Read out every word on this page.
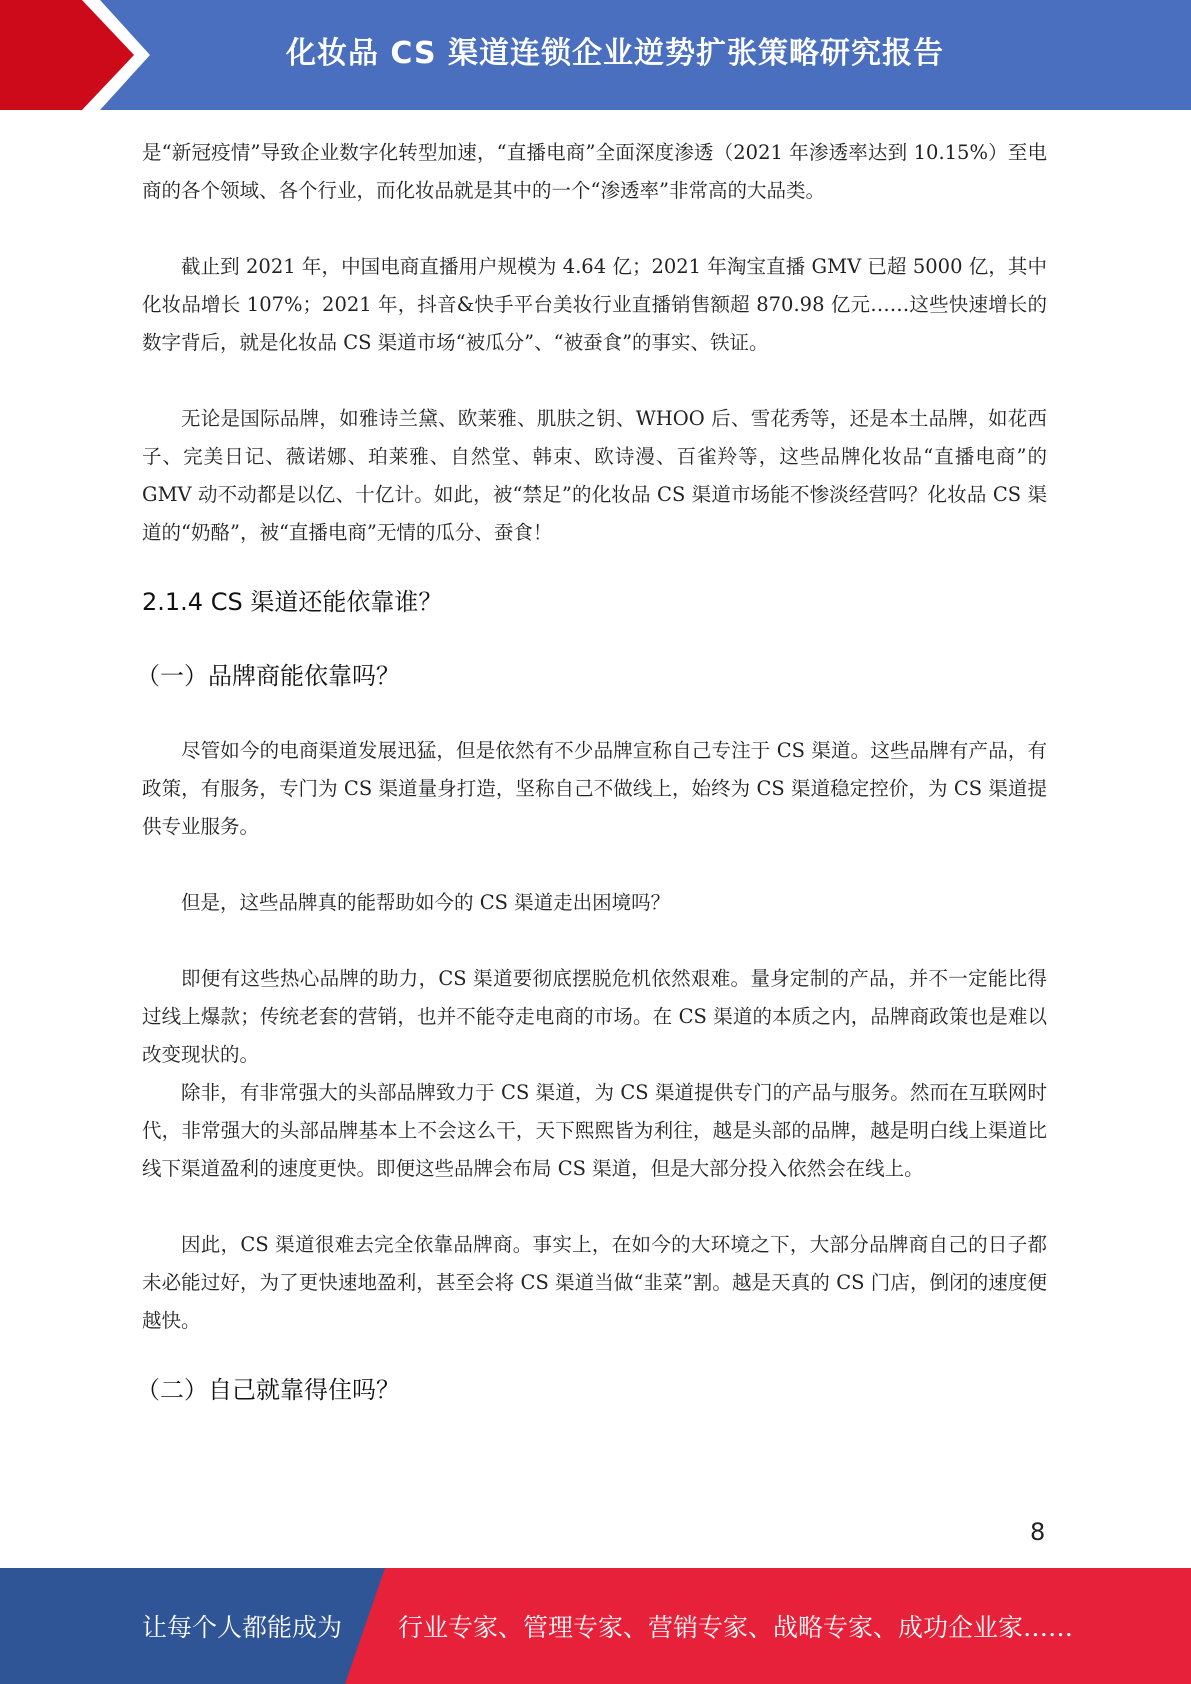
化妆品 CS 渠道连锁企业逆势扩张策略研究报告

是“新冠疫情”导致企业数字化转型加速，“直播电商”全面深度渗透（2021 年渗透率达到 10.15%）至电商的各个领域、各个行业，而化妆品就是其中的一个“渗透率”非常高的大品类。

截止到 2021 年，中国电商直播用户规模为 4.64 亿；2021 年淘宝直播 GMV 已超 5000 亿，其中化妆品增长 107%；2021 年，抖音&快手平台美妆行业直播销售额超 870.98 亿元……这些快速增长的数字背后，就是化妆品 CS 渠道市场“被瓜分”、“被蚕食”的事实、铁证。

无论是国际品牌，如雅诗兰黛、欧莱雅、肌肤之钥、WHOO 后、雪花秀等，还是本土品牌，如花西子、完美日记、薇诺娜、珀莱雅、自然堂、韩束、欧诗漫、百雀羚等，这些品牌化妆品“直播电商”的 GMV 动不动都是以亿、十亿计。如此，被“禁足”的化妆品 CS 渠道市场能不惨淡经营吗？化妆品 CS 渠道的“奶酪”，被“直播电商”无情的瓜分、蚕食！

2.1.4 CS 渠道还能依靠谁？
（一）品牌商能依靠吗？

尽管如今的电商渠道发展迅猛，但是依然有不少品牌宣称自己专注于 CS 渠道。这些品牌有产品，有政策，有服务，专门为 CS 渠道量身打造，坚称自己不做线上，始终为 CS 渠道稳定控价，为 CS 渠道提供专业服务。

但是，这些品牌真的能帮助如今的 CS 渠道走出困境吗？

即便有这些热心品牌的助力，CS 渠道要彻底摆脱危机依然艰难。量身定制的产品，并不一定能比得过线上爆款；传统老套的营销，也并不能夺走电商的市场。在 CS 渠道的本质之内，品牌商政策也是难以改变现状的。

除非，有非常强大的头部品牌致力于 CS 渠道，为 CS 渠道提供专门的产品与服务。然而在互联网时代，非常强大的头部品牌基本上不会这么干，天下熙熙皆为利往，越是头部的品牌，越是明白线上渠道比线下渠道盈利的速度更快。即便这些品牌会布局 CS 渠道，但是大部分投入依然会在线上。

因此，CS 渠道很难去完全依靠品牌商。事实上，在如今的大环境之下，大部分品牌商自己的日子都未必能过好，为了更快速地盈利，甚至会将 CS 渠道当做“韭菜”割。越是天真的 CS 门店，倒闭的速度便越快。

（二）自己就靠得住吗？
8
让每个人都能成为 行业专家、管理专家、营销专家、战略专家、成功企业家……
